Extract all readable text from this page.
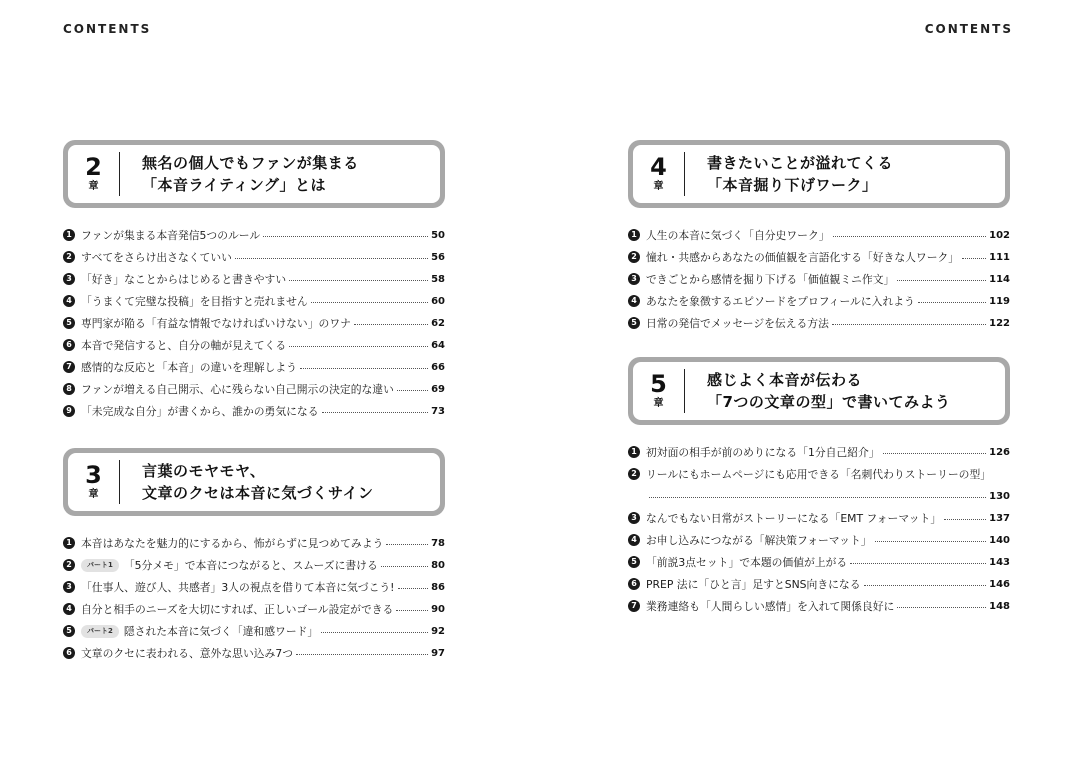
CONTENTS	CONTENTS
2
章
無名の個人でもファンが集まる
「本音ライティング」とは
1 ファンが集まる本音発信5つのルール	50
2 すべてをさらけ出さなくていい	56
3 「好き」なことからはじめると書きやすい	58
4 「うまくて完璧な投稿」を目指すと売れません	60
5 専門家が陥る「有益な情報でなければいけない」のワナ	62
6 本音で発信すると、自分の軸が見えてくる	64
7 感情的な反応と「本音」の違いを理解しよう	66
8 ファンが増える自己開示、心に残らない自己開示の決定的な違い	69
9 「未完成な自分」が書くから、誰かの勇気になる	73
3
章
言葉のモヤモヤ、
文章のクセは本音に気づくサイン
1 本音はあなたを魅力的にするから、怖がらずに見つめてみよう	78
2	パート1	「5分メモ」で本音につながると、スムーズに書ける	80
3 「仕事人、遊び人、共感者」3人の視点を借りて本音に気づこう!	86
4 自分と相手のニーズを大切にすれば、正しいゴール設定ができる	90
5	パート2	隠された本音に気づく「違和感ワード」	92
6 文章のクセに表われる、意外な思い込み7つ	97
4
章
書きたいことが溢れてくる
「本音掘り下げワーク」
1 人生の本音に気づく「自分史ワーク」	102
2 憧れ・共感からあなたの価値観を言語化する「好きな人ワーク」	111
3 できごとから感情を掘り下げる「価値観ミニ作文」	114
4 あなたを象徴するエピソードをプロフィールに入れよう	119
5 日常の発信でメッセージを伝える方法	122
5
章
感じよく本音が伝わる
「7つの文章の型」で書いてみよう
1 初対面の相手が前のめりになる「1分自己紹介」	126
2 リールにもホームページにも応用できる「名刺代わりストーリーの型」
130
3 なんでもない日常がストーリーになる「EMT フォーマット」	137
4 お申し込みにつながる「解決策フォーマット」	140
5 「前説3点セット」で本題の価値が上がる	143
6 PREP 法に「ひと言」足すとSNS向きになる	146
7 業務連絡も「人間らしい感情」を入れて関係良好に	148
